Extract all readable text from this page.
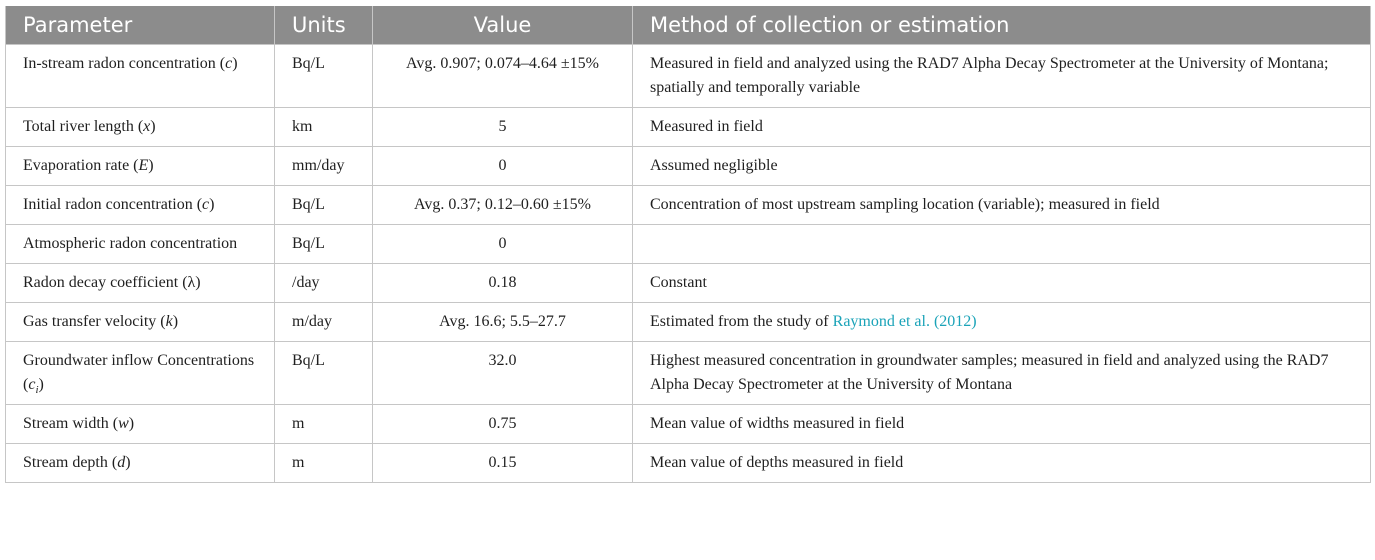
Parameter	Units	Value	Method of collection or estimation
In-stream radon concentration (c)	Bq/L	Avg. 0.907; 0.074–4.64 ±15%	Measured in field and analyzed using the RAD7 Alpha Decay Spectrometer at the University of Montana; spatially and temporally variable
Total river length (x)	km	5	Measured in field
Evaporation rate (E)	mm/day	0	Assumed negligible
Initial radon concentration (c)	Bq/L	Avg. 0.37; 0.12–0.60 ±15%	Concentration of most upstream sampling location (variable); measured in field
Atmospheric radon concentration	Bq/L	0	
Radon decay coefficient (λ)	/day	0.18	Constant
Gas transfer velocity (k)	m/day	Avg. 16.6; 5.5–27.7	Estimated from the study of Raymond et al. (2012)
Groundwater inflow Concentrations $(c_i)$	Bq/L	32.0	Highest measured concentration in groundwater samples; measured in field and analyzed using the RAD7 Alpha Decay Spectrometer at the University of Montana
Stream width (w)	m	0.75	Mean value of widths measured in field
Stream depth (d)	m	0.15	Mean value of depths measured in field
